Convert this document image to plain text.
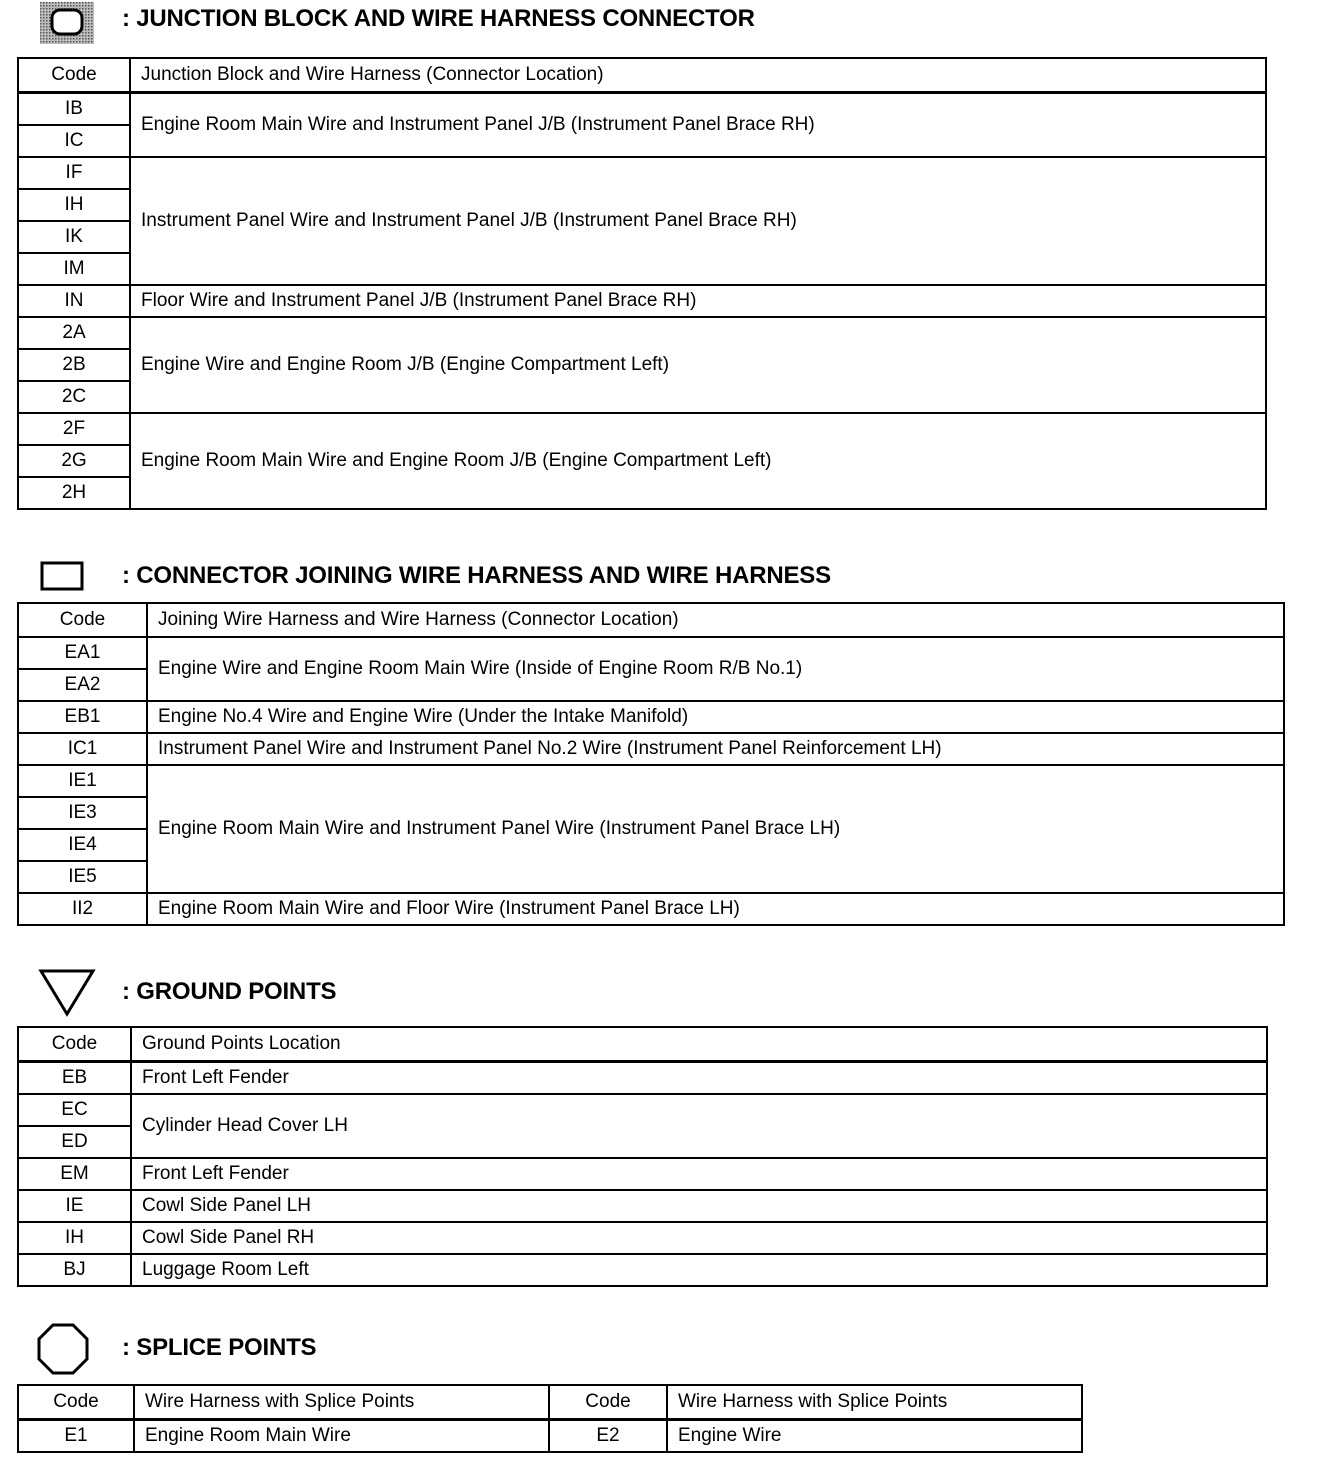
: JUNCTION BLOCK AND WIRE HARNESS CONNECTOR
Code	Junction Block and Wire Harness (Connector Location)
IB	Engine Room Main Wire and Instrument Panel J/B (Instrument Panel Brace RH)
IC	
IF	Instrument Panel Wire and Instrument Panel J/B (Instrument Panel Brace RH)
IH	
IK	
IM	
IN	Floor Wire and Instrument Panel J/B (Instrument Panel Brace RH)
2A	Engine Wire and Engine Room J/B (Engine Compartment Left)
2B	
2C	
2F	Engine Room Main Wire and Engine Room J/B (Engine Compartment Left)
2G	
2H	
: CONNECTOR JOINING WIRE HARNESS AND WIRE HARNESS
Code	Joining Wire Harness and Wire Harness (Connector Location)
EA1	Engine Wire and Engine Room Main Wire (Inside of Engine Room R/B No.1)
EA2	
EB1	Engine No.4 Wire and Engine Wire (Under the Intake Manifold)
IC1	Instrument Panel Wire and Instrument Panel No.2 Wire (Instrument Panel Reinforcement LH)
IE1	Engine Room Main Wire and Instrument Panel Wire (Instrument Panel Brace LH)
IE3	
IE4	
IE5	
II2	Engine Room Main Wire and Floor Wire (Instrument Panel Brace LH)
: GROUND POINTS
Code	Ground Points Location
EB	Front Left Fender
EC	Cylinder Head Cover LH
ED	
EM	Front Left Fender
IE	Cowl Side Panel LH
IH	Cowl Side Panel RH
BJ	Luggage Room Left
: SPLICE POINTS
Code	Wire Harness with Splice Points	Code	Wire Harness with Splice Points
E1	Engine Room Main Wire	E2	Engine Wire
